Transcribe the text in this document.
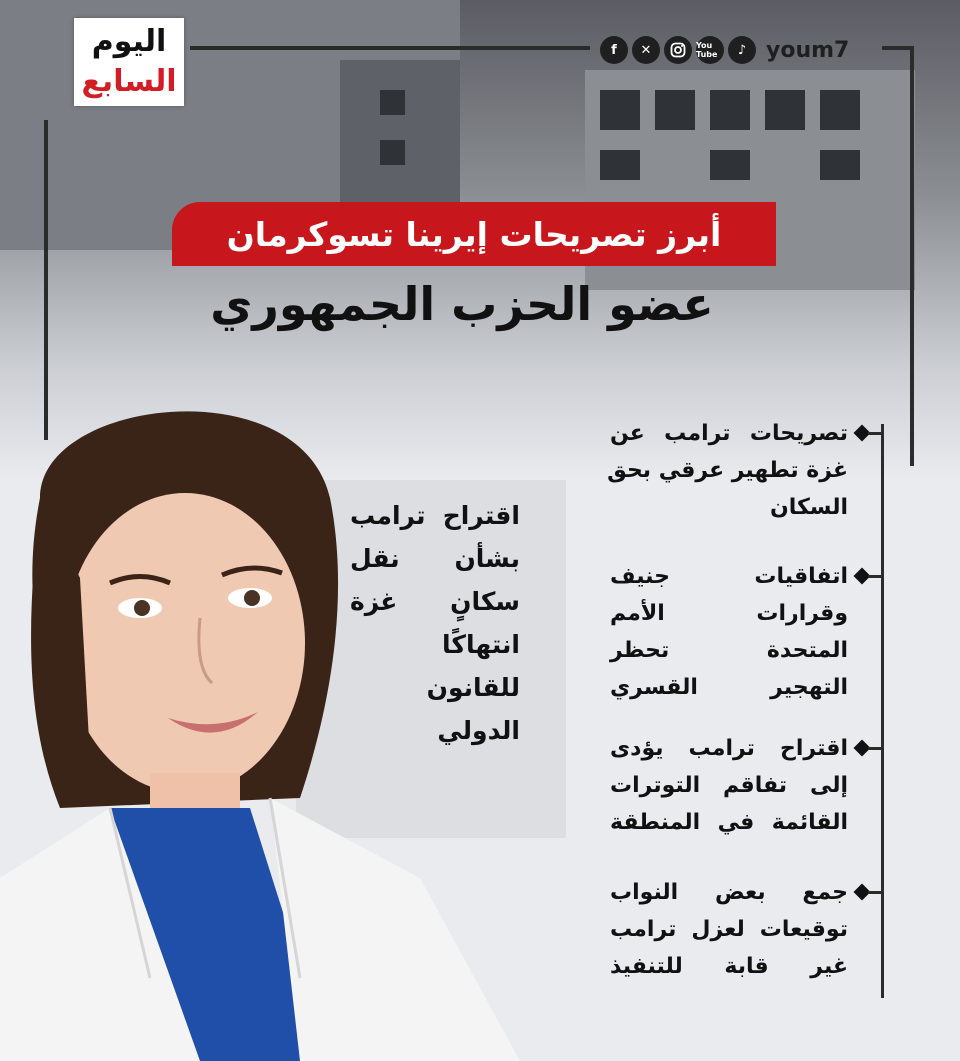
اليوم
السابع
f	✕	You Tube	♪ youm7
أبرز تصريحات إيرينا تسوكرمان
عضو الحزب الجمهوري
اقتراح ترامب
بشأن نقل
سكانٍ غزة
انتهاكًا
للقانون
الدولي
تصريحات ترامب عن
غزة تطهير عرقي بحق
السكان
اتفاقيات جنيف
وقرارات الأمم
المتحدة تحظر
التهجير القسري
اقتراح ترامب يؤدى
إلى تفاقم التوترات
القائمة في المنطقة
جمع بعض النواب
توقيعات لعزل ترامب
غير قابة للتنفيذ
